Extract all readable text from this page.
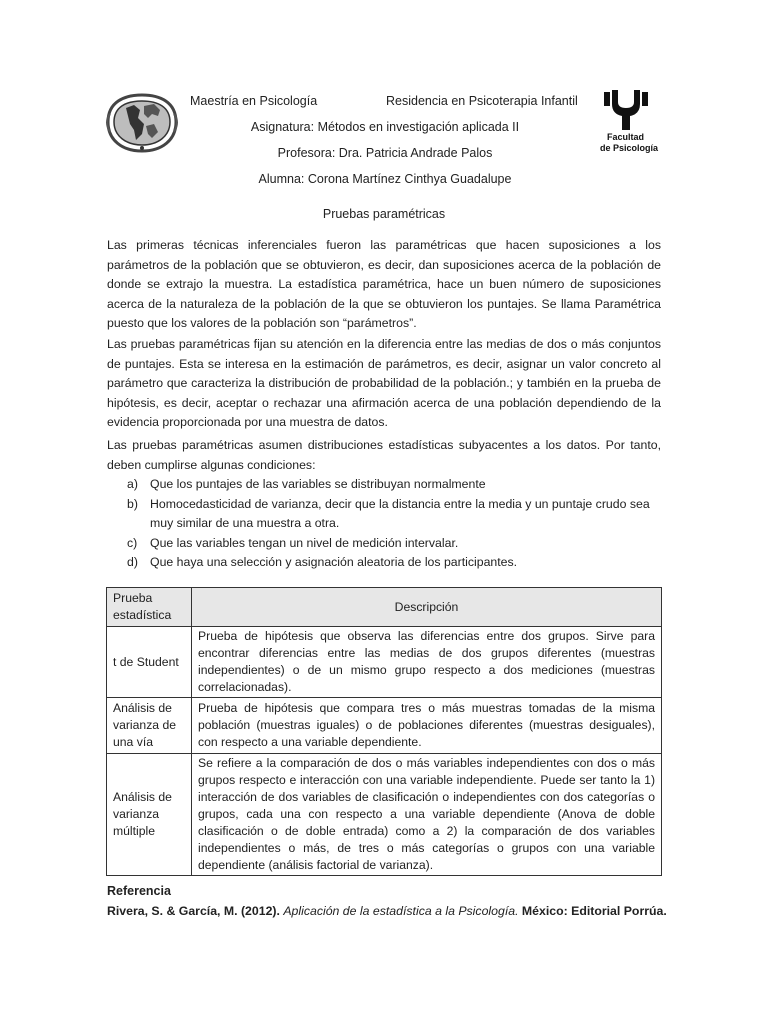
Maestría en Psicología	Residencia en Psicoterapia Infantil
Asignatura: Métodos en investigación aplicada II
Profesora: Dra. Patricia Andrade Palos
Alumna: Corona Martínez Cinthya Guadalupe
Facultad
de Psicología
Pruebas paramétricas

Las primeras técnicas inferenciales fueron las paramétricas que hacen suposiciones a los parámetros de la población que se obtuvieron, es decir, dan suposiciones acerca de la población de donde se extrajo la muestra. La estadística paramétrica, hace un buen número de suposiciones acerca de la naturaleza de la población de la que se obtuvieron los puntajes. Se llama Paramétrica puesto que los valores de la población son “parámetros”.

Las pruebas paramétricas fijan su atención en la diferencia entre las medias de dos o más conjuntos de puntajes. Esta se interesa en la estimación de parámetros, es decir, asignar un valor concreto al parámetro que caracteriza la distribución de probabilidad de la población.; y también en la prueba de hipótesis, es decir, aceptar o rechazar una afirmación acerca de una población dependiendo de la evidencia proporcionada por una muestra de datos.

Las pruebas paramétricas asumen distribuciones estadísticas subyacentes a los datos. Por tanto, deben cumplirse algunas condiciones:

a) Que los puntajes de las variables se distribuyan normalmente
b) Homocedasticidad de varianza, decir que la distancia entre la media y un puntaje crudo sea muy similar de una muestra a otra.
c) Que las variables tengan un nivel de medición intervalar.
d) Que haya una selección y asignación aleatoria de los participantes.
Prueba estadística	Descripción
t de Student	Prueba de hipótesis que observa las diferencias entre dos grupos. Sirve para encontrar diferencias entre las medias de dos grupos diferentes (muestras independientes) o de un mismo grupo respecto a dos mediciones (muestras correlacionadas).
Análisis de varianza de una vía	Prueba de hipótesis que compara tres o más muestras tomadas de la misma población (muestras iguales) o de poblaciones diferentes (muestras desiguales), con respecto a una variable dependiente.
Análisis de varianza múltiple	Se refiere a la comparación de dos o más variables independientes con dos o más grupos respecto e interacción con una variable independiente. Puede ser tanto la 1) interacción de dos variables de clasificación o independientes con dos categorías o grupos, cada una con respecto a una variable dependiente (Anova de doble clasificación o de doble entrada) como a 2) la comparación de dos variables independientes o más, de tres o más categorías o grupos con una variable dependiente (análisis factorial de varianza).
Referencia
Rivera, S. & García, M. (2012). Aplicación de la estadística a la Psicología. México: Editorial Porrúa.
